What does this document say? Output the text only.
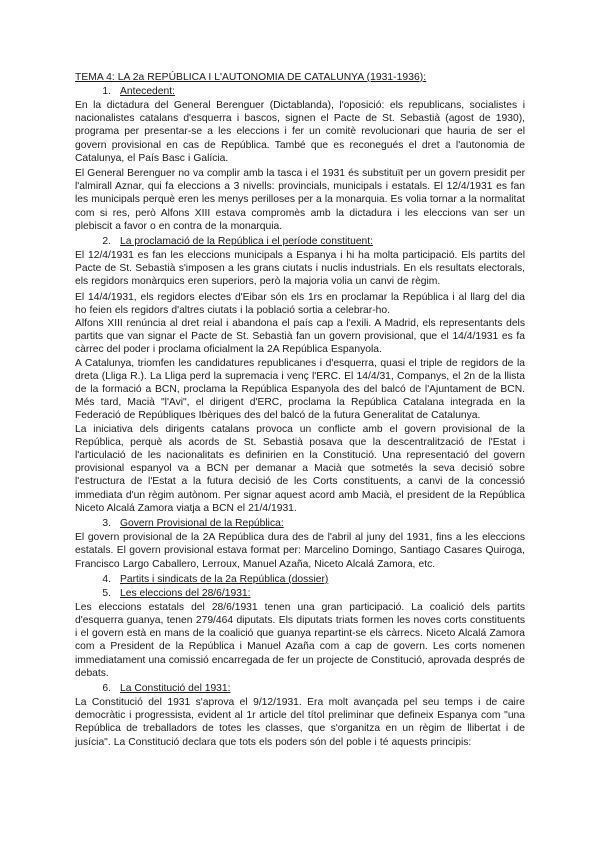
TEMA 4: LA 2a REPÚBLICA I L'AUTONOMIA DE CATALUNYA (1931-1936):
1. Antecedent:

En la dictadura del General Berenguer (Dictablanda), l'oposició: els republicans, socialistes i nacionalistes catalans d'esquerra i bascos, signen el Pacte de St. Sebastià (agost de 1930), programa per presentar-se a les eleccions i fer un comitè revolucionari que hauria de ser el govern provisional en cas de República. També que es reconegués el dret a l'autonomia de Catalunya, el País Basc i Galícia.

El General Berenguer no va complir amb la tasca i el 1931 és substituït per un govern presidit per l'almirall Aznar, qui fa eleccions a 3 nivells: provincials, municipals i estatals. El 12/4/1931 es fan les municipals perquè eren les menys perilloses per a la monarquia. Es volia tornar a la normalitat com si res, però Alfons XIII estava compromès amb la dictadura i les eleccions van ser un plebiscit a favor o en contra de la monarquia.

2. La proclamació de la República i el període constituent:

El 12/4/1931 es fan les eleccions municipals a Espanya i hi ha molta participació. Els partits del Pacte de St. Sebastià s'imposen a les grans ciutats i nuclis industrials. En els resultats electorals, els regidors monàrquics eren superiors, però la majoria volia un canvi de règim.

El 14/4/1931, els regidors electes d'Eibar són els 1rs en proclamar la República i al llarg del dia ho feien els regidors d'altres ciutats i la població sortia a celebrar-ho.

Alfons XIII renúncia al dret reial i abandona el país cap a l'exili. A Madrid, els representants dels partits que van signar el Pacte de St. Sebastià fan un govern provisional, que el 14/4/1931 es fa càrrec del poder i proclama oficialment la 2A República Espanyola.

A Catalunya, triomfen les candidatures republicanes i d'esquerra, quasi el triple de regidors de la dreta (Lliga R.). La Lliga perd la supremacia i venç l'ERC. El 14/4/31, Companys, el 2n de la llista de la formació a BCN, proclama la República Espanyola des del balcó de l'Ajuntament de BCN. Més tard, Macià "l'Avi", el dirigent d'ERC, proclama la República Catalana integrada en la Federació de Repúbliques Ibèriques des del balcó de la futura Generalitat de Catalunya.

La iniciativa dels dirigents catalans provoca un conflicte amb el govern provisional de la República, perquè als acords de St. Sebastià posava que la descentralització de l'Estat i l'articulació de les nacionalitats es definirien en la Constitució. Una representació del govern provisional espanyol va a BCN per demanar a Macià que sotmetés la seva decisió sobre l'estructura de l'Estat a la futura decisió de les Corts constituents, a canvi de la concessió immediata d'un règim autònom. Per signar aquest acord amb Macià, el president de la República Niceto Alcalá Zamora viatja a BCN el 21/4/1931.

3. Govern Provisional de la República:

El govern provisional de la 2A República dura des de l'abril al juny del 1931, fins a les eleccions estatals. El govern provisional estava format per: Marcelino Domingo, Santiago Casares Quiroga, Francisco Largo Caballero, Lerroux, Manuel Azaña, Niceto Alcalá Zamora, etc.

4. Partits i sindicats de la 2a República (dossier)
5. Les eleccions del 28/6/1931:

Les eleccions estatals del 28/6/1931 tenen una gran participació. La coalició dels partits d'esquerra guanya, tenen 279/464 diputats. Els diputats triats formen les noves corts constituents i el govern està en mans de la coalició que guanya repartint-se els càrrecs. Niceto Alcalá Zamora com a President de la República i Manuel Azaña com a cap de govern. Les corts nomenen immediatament una comissió encarregada de fer un projecte de Constitució, aprovada després de debats.

6. La Constitució del 1931:

La Constitució del 1931 s'aprova el 9/12/1931. Era molt avançada pel seu temps i de caire democràtic i progressista, evident al 1r article del títol preliminar que defineix Espanya com "una República de treballadors de totes les classes, que s'organitza en un règim de llibertat i de jusícia". La Constitució declara que tots els poders són del poble i té aquests principis:
